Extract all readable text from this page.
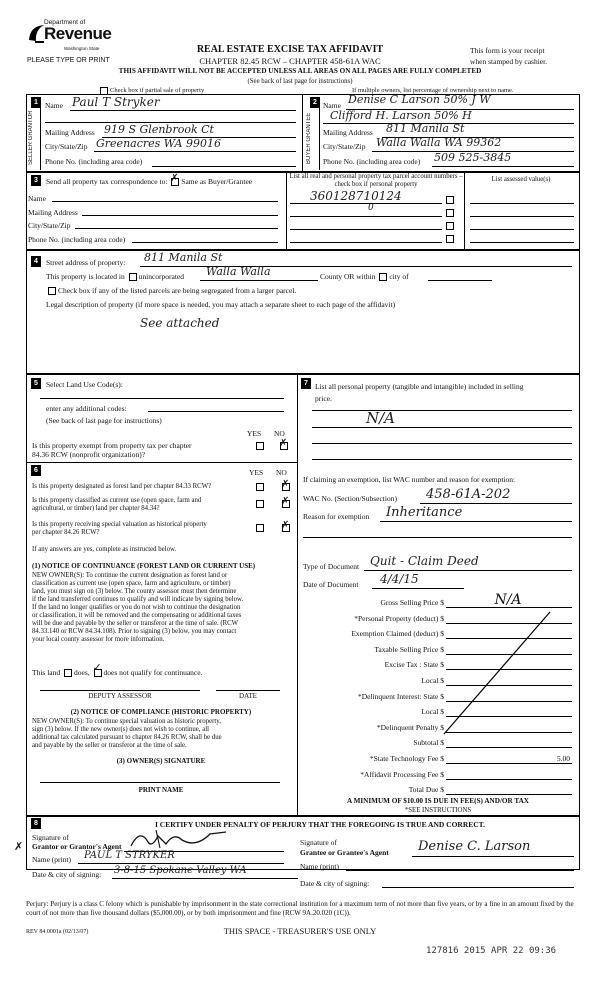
Department of
Revenue
Washington State
PLEASE TYPE OR PRINT
REAL ESTATE EXCISE TAX AFFIDAVIT
CHAPTER 82.45 RCW – CHAPTER 458-61A WAC
This form is your receipt
when stamped by cashier.
THIS AFFIDAVIT WILL NOT BE ACCEPTED UNLESS ALL AREAS ON ALL PAGES ARE FULLY COMPLETED
(See back of last page for instructions)
Check box if partial sale of property	If multiple owners, list percentage of ownership next to name.
1
SELLER GRANTOR
Name Paul T Stryker
Mailing Address 919 S Glenbrook Ct
City/State/Zip Greenacres WA 99016
Phone No. (including area code)
2
BUYER GRANTEE
Name Denise C Larson 50% J W
Clifford H. Larson 50% H
Mailing Address 811 Manila St
City/State/Zip Walla Walla WA 99362
Phone No. (including area code) 509 525-3845
3	Send all property tax correspondence to: ✗ Same as Buyer/Grantee
Name
Mailing Address
City/State/Zip
Phone No. (including area code)
List all real and personal property tax parcel account numbers – check box if personal property
List assessed value(s)
360128710124
0
4	Street address of property: 811 Manila St
This property is located in unincorporated Walla Walla	County OR within city of
Check box if any of the listed parcels are being segregated from a larger parcel.
Legal description of property (if more space is needed, you may attach a separate sheet to each page of the affidavit)
See attached
5	Select Land Use Code(s):
enter any additional codes:
(See back of last page for instructions)
YES NO
Is this property exempt from property tax per chapter
84.36 RCW (nonprofit organization)?
✗
6	YES NO
Is this property designated as forest land per chapter 84.33 RCW?	✗
Is this property classified as current use (open space, farm and
agricultural, or timber) land per chapter 84.34?
✗
Is this property receiving special valuation as historical property
per chapter 84.26 RCW?
✗
If any answers are yes, complete as instructed below.
(1) NOTICE OF CONTINUANCE (FOREST LAND OR CURRENT USE)
NEW OWNER(S): To continue the current designation as forest land or
classification as current use (open space, farm and agriculture, or timber)
land, you must sign on (3) below. The county assessor must then determine
if the land transferred continues to qualify and will indicate by signing below.
If the land no longer qualifies or you do not wish to continue the designation
or classification, it will be removed and the compensating or additional taxes
will be due and payable by the seller or transferor at the time of sale. (RCW
84.33.140 or RCW 84.34.108). Prior to signing (3) below, you may contact
your local county assessor for more information.
This land does, ✓ does not qualify for continuance.
DEPUTY ASSESSOR	DATE
(2) NOTICE OF COMPLIANCE (HISTORIC PROPERTY)
NEW OWNER(S): To continue special valuation as historic property,
sign (3) below. If the new owner(s) does not wish to continue, all
additional tax calculated pursuant to chapter 84.26 RCW, shall be due
and payable by the seller or transferor at the time of sale.
(3) OWNER(S) SIGNATURE
PRINT NAME
7 List all personal property (tangible and intangible) included in selling
price.
N/A
If claiming an exemption, list WAC number and reason for exemption:
WAC No. (Section/Subsection) 458-61A-202
Reason for exemption Inheritance
Type of Document Quit - Claim Deed
Date of Document 4/4/15
Gross Selling Price $	N/A
*Personal Property (deduct) $
Exemption Claimed (deduct) $
Taxable Selling Price $
Excise Tax : State $
Local $
*Delinquent Interest: State $
Local $
*Delinquent Penalty $
Subtotal $
*State Technology Fee $	5.00
*Affidavit Processing Fee $
Total Due $
A MINIMUM OF $10.00 IS DUE IN FEE(S) AND/OR TAX
*SEE INSTRUCTIONS
8	I CERTIFY UNDER PENALTY OF PERJURY THAT THE FOREGOING IS TRUE AND CORRECT.
Signature of
Grantor or Grantor's Agent
✗
Name (print) PAUL T STRYKER
Date & city of signing: 3-8-15 Spokane Valley WA
Signature of
Grantee or Grantee's Agent Denise C. Larson
Name (print)
Date & city of signing:
Perjury: Perjury is a class C felony which is punishable by imprisonment in the state correctional institution for a maximum term of not more than five years, or by a fine in an amount fixed by the court of not more than five thousand dollars ($5,000.00), or by both imprisonment and fine (RCW 9A.20.020 (1C)).
REV 84 0001a (02/13/07)	THIS SPACE - TREASURER'S USE ONLY
127816 2015 APR 22 09:36
